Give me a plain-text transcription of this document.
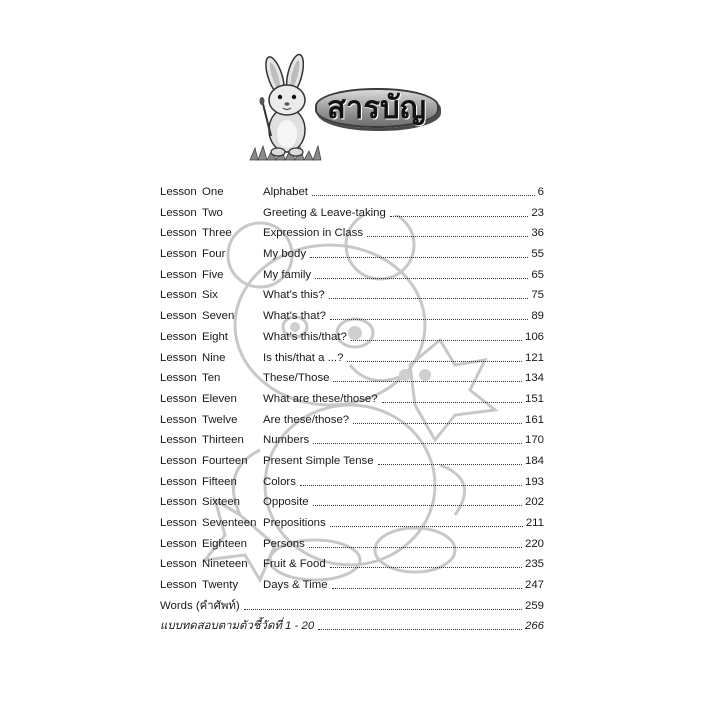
สารบัญ
Lesson One	Alphabet	6
Lesson Two	Greeting & Leave-taking	23
Lesson Three	Expression in Class	36
Lesson Four	My body	55
Lesson Five	My family	65
Lesson Six	What's this?	75
Lesson Seven	What's that?	89
Lesson Eight	What's this/that?	106
Lesson Nine	Is this/that a ...?	121
Lesson Ten	These/Those	134
Lesson Eleven What are these/those?	151
Lesson Twelve Are these/those?	161
Lesson Thirteen Numbers	170
Lesson Fourteen Present Simple Tense	184
Lesson Fifteen Colors	193
Lesson Sixteen Opposite	202
Lesson Seventeen Prepositions	211
Lesson Eighteen Persons	220
Lesson Nineteen Fruit & Food	235
Lesson Twenty Days & Time	247
Words (คำศัพท์)	259
แบบทดสอบตามตัวชี้วัดที่ 1 - 20	266
